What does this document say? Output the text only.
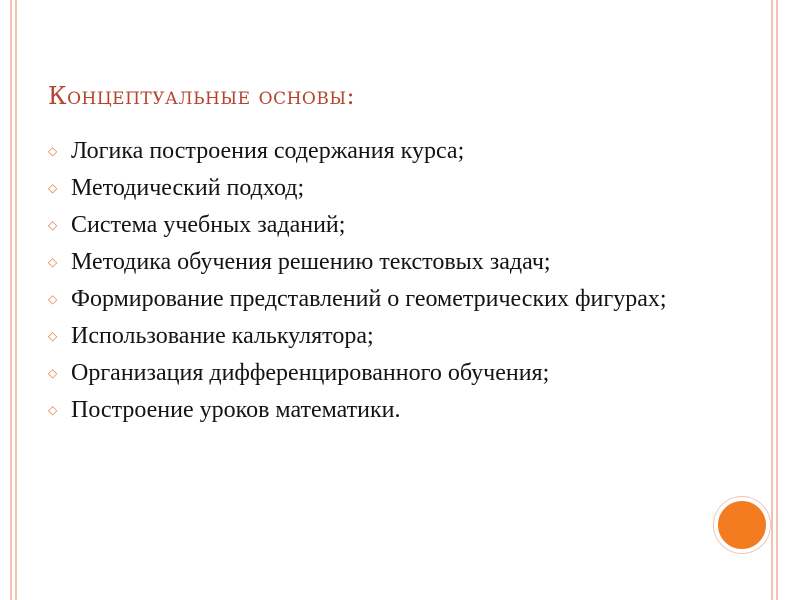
Концептуальные основы:
◇ Логика построения содержания курса;
◇ Методический подход;
◇ Система учебных заданий;
◇ Методика обучения решению текстовых задач;
◇ Формирование представлений о геометрических фигурах;
◇ Использование калькулятора;
◇ Организация дифференцированного обучения;
◇ Построение уроков математики.
